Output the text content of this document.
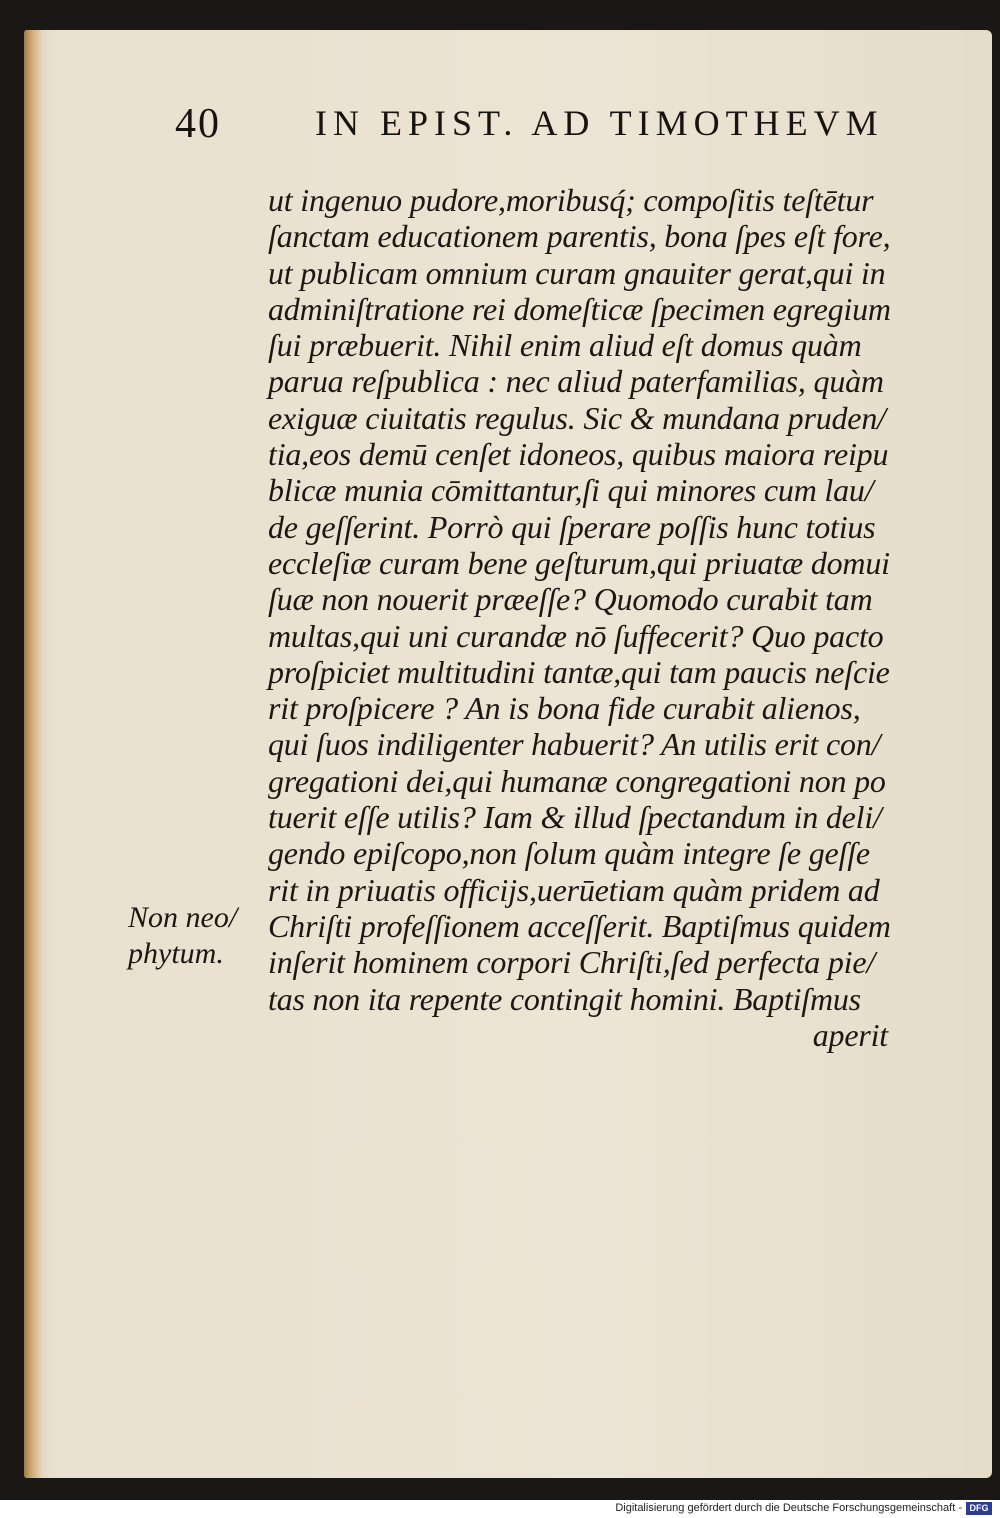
40	IN EPIST. AD TIMOTHEVM
ut ingenuo pudore,moribusq́; compoſitis teſtētur
ſanctam educationem parentis, bona ſpes eſt fore,
ut publicam omnium curam gnauiter gerat,qui in
adminiſtratione rei domeſticæ ſpecimen egregium
ſui præbuerit. Nihil enim aliud eſt domus quàm
parua reſpublica : nec aliud paterfamilias, quàm
exiguæ ciuitatis regulus. Sic & mundana pruden/
tia,eos demū cenſet idoneos, quibus maiora reipu
blicæ munia cōmittantur,ſi qui minores cum lau/
de geſſerint. Porrò qui ſperare poſſis hunc totius
eccleſiæ curam bene geſturum,qui priuatæ domui
ſuæ non nouerit præeſſe? Quomodo curabit tam
multas,qui uni curandæ nō ſuffecerit? Quo pacto
proſpiciet multitudini tantæ,qui tam paucis neſcie
rit proſpicere ? An is bona fide curabit alienos,
qui ſuos indiligenter habuerit? An utilis erit con/
gregationi dei,qui humanæ congregationi non po
tuerit eſſe utilis? Iam & illud ſpectandum in deli/
gendo epiſcopo,non ſolum quàm integre ſe geſſe
rit in priuatis officijs,uerūetiam quàm pridem ad
Chriſti profeſſionem acceſſerit. Baptiſmus quidem
inſerit hominem corpori Chriſti,ſed perfecta pie/
tas non ita repente contingit homini. Baptiſmus
aperit
Non neo/
phytum.
Digitalisierung gefördert durch die Deutsche Forschungsgemeinschaft - DFG
